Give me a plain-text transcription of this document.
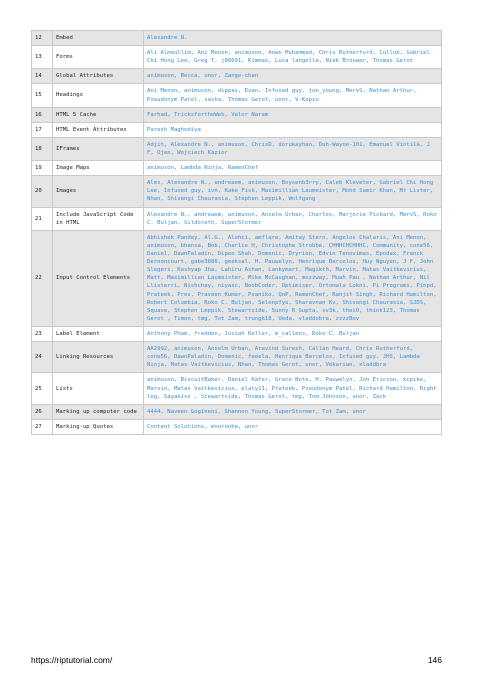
12	Embed	Alexandre N.
13	Forms	Ali Almoullim, Ani Menon, animuson, Aown Muhammad, Chris Rutherfurd, Cullub, Gabriel Chi Hong Lee, Greg T, j08691, Kimmax, Luca langella, Niek Brouwer, Thomas Gerot
14	Global Attributes	animuson, Becca, unor, Zange-chan
15	Headings	Ani Menon, animuson, dippas, Evan, Infused guy, joe_young, MervS, Nathan Arthur, Pseudonym Patel, sasha, Thomas Gerot, unor, V-Kopio
16	HTML 5 Cache	Farhad, TricksfortheWeb, Valor Naram
17	HTML Event Attributes	Paresh Maghodiya
18	IFrames	Adjit, Alexandre N., animuson, ChrisD, dorukayhan, Duh-Wayne-101, Emanuel Vintilă, J F, Ojen, Wojciech Kazior
19	Image Maps	animuson, Lambda Ninja, RamenChef
20	Images	Alex, Alexandre N., andreaem, animuson, Boysenb3rry, Caleb Kleveter, Gabriel Chi Hong Lee, Infused guy, ivn, Kake_Fisk, Maximillian Laumeister, Mohd Samir Khan, Mr Lister, Nhan, Shivangi Chaurasia, Stephen Leppik, Wolfgang
21	Include JavaScript Code in HTML	Alexandre N., andreaem, animuson, Anselm Urban, Charles, Marjorie Pickard, MervS, Roko C. Buljan, Sildoreth, SuperStormer
22	Input Control Elements	Abhishek Pandey, Al.G., Alohci, amflare, Amitay Stern, Angelos Chalaris, Ani Menon, animuson, bhansa, Bob, Charlie H, Christophe Strobbe, CHHHCHCHHHC, Community, cone56, Daniel, DawnPaladin, Dipen Shah, Domenic, Dryrion, Edvin Tenovimas, Epodax, Franck Dernoncourt, gabe3886, geeksal, H. Pauwelyn, Henrique Barcelos, Huy Nguyen, J F, John Slegers, Kashyap Jha, Lahiru Ashan, Lankymart, Magikth, Marvin, Matas Vaitkevicius, Matt, Maximillian Laumeister, Mike McCaughan, mozzway, Muah Pau , Nathan Arthur, Nil Llisterri, Nishchay, niyasc, NoobCoder, Optimiser, Ortomala Lokni, Pi Programs, Pinpd, Prateek, Prev, Praveen Kumar, Psaniko, QoP, RamenChef, Ranjit Singh, Richard Hamilton, Robert Columbia, Roko C. Buljan, Selonpfyu, Sharavnan Kv, Shivangi Chaurasia, SJDS, Squaxe, Stephen Leppik, Stewartside, Sunny R Gupta, sv3k, theiO, think123, Thomas Gerot , Timon, tmg, Tot Zam, trungk18, Ueda, vladdobra, zzzzBov
23	Label Element	Anthony Pham, fredden, Josiah Keller, m_callens, Roko C. Buljan
24	Linking Resources	AA2992, animuson, Anselm Urban, Aravind Suresh, Callan Heard, Chris Rutherfurd, cone56, DawnPaladin, Domenic, feeela, Henrique Barcelos, Infused guy, JHS, Lambda Ninja, Matas Vaitkevicius, Nhan, Thomas Gerot, unor, Vékarian, xladdbra
25	Lists	animuson, BiscuitBaker, Daniel Käfer, Grace Note, H. Pauwelyn, Jon Ericson, kcpike, Marvin, Matas Vaitkevicius, platy11, Prateek, Pseudonym Patel, Richard Hamilton, Right leg, Sayakiss , Stewartside, Thomas Gerot, tmg, Tom Johnson, unor, Zack
26	Marking up computer code	4444, Naveen Gogineni, Shannon Young, SuperStormer, Tot Zam, unor
27	Marking-up Quotes	Content Solutions, mnoronha, unor
https://riptutorial.com/	146
